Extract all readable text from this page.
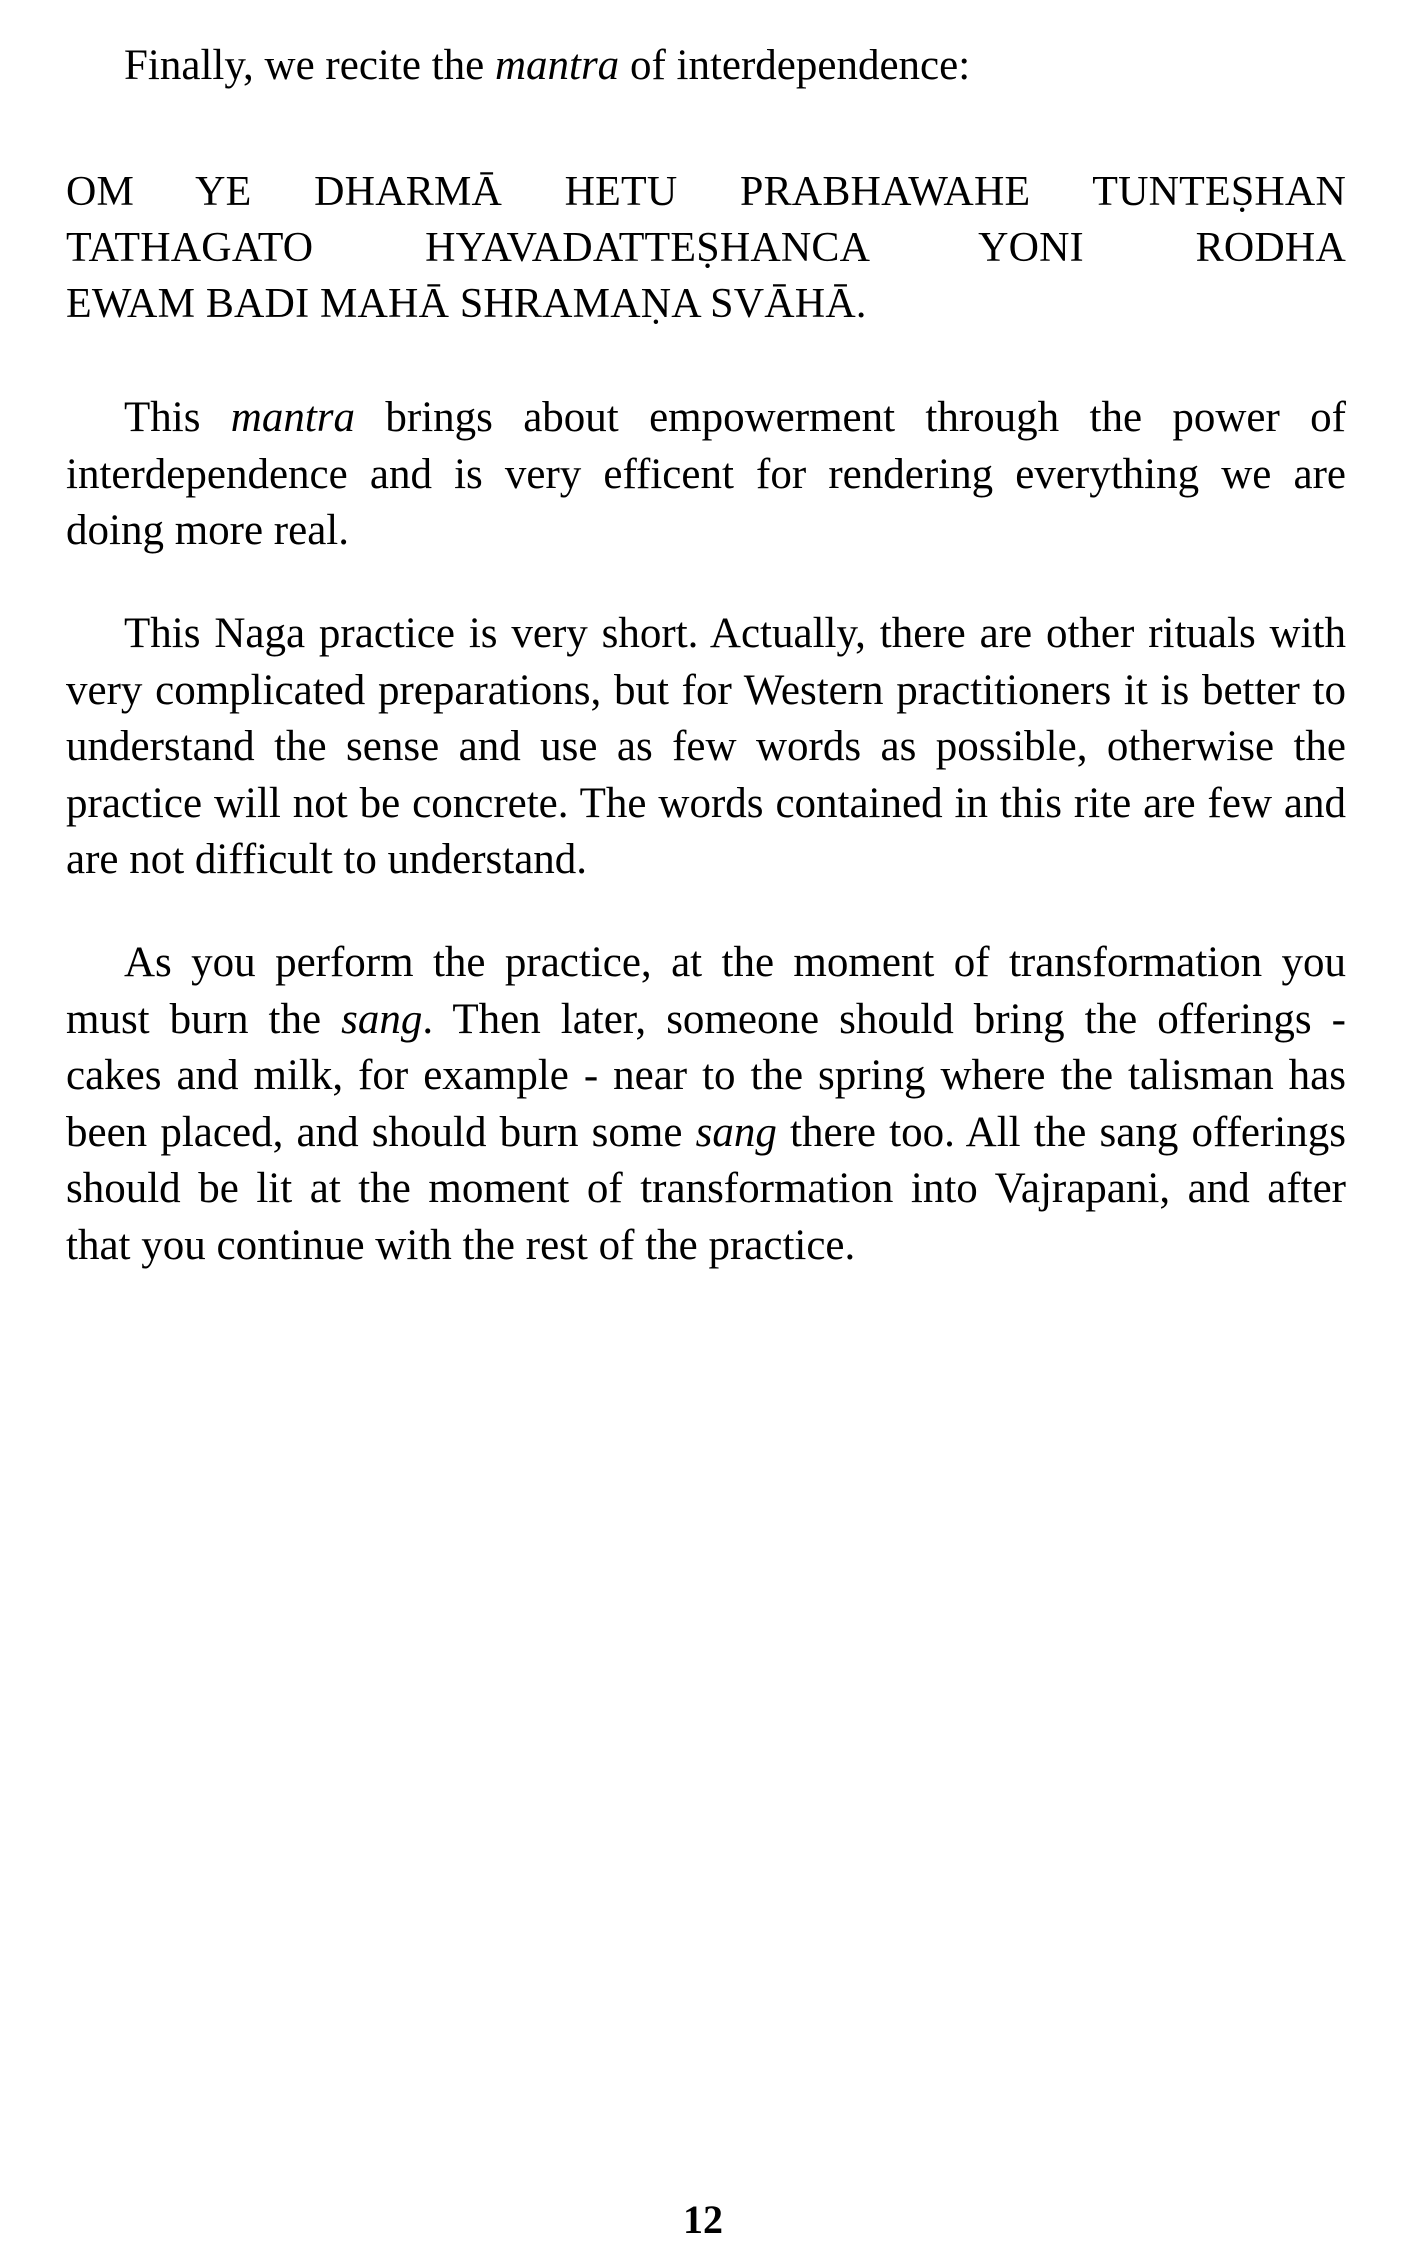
Finally, we recite the mantra of interdependence:
OM YE DHARMĀ HETU PRABHAWAHE TUNTEṢHAN
TATHAGATO HYAVADATTEṢHANCA YONI RODHA
EWAM BADI MAHĀ SHRAMAṆA SVĀHĀ.
This mantra brings about empowerment through the power of interdependence and is very efficent for rendering everything we are doing more real.
This Naga practice is very short. Actually, there are other rituals with very complicated preparations, but for Western practitioners it is better to understand the sense and use as few words as possible, otherwise the practice will not be concrete. The words contained in this rite are few and are not difficult to understand.
As you perform the practice, at the moment of transformation you must burn the sang. Then later, someone should bring the offerings - cakes and milk, for example - near to the spring where the talisman has been placed, and should burn some sang there too. All the sang offerings should be lit at the moment of transformation into Vajrapani, and after that you continue with the rest of the practice.
12
